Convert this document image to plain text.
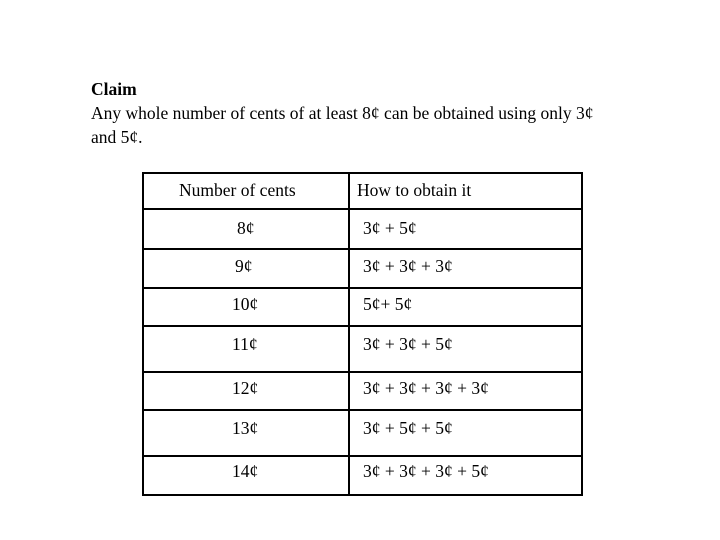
Claim
Any whole number of cents of at least 8¢ can be obtained using only 3¢ and 5¢.
Number of cents	How to obtain it
8¢	3¢ + 5¢
9¢	3¢ + 3¢ + 3¢
10¢	5¢+ 5¢
11¢	3¢ + 3¢ + 5¢
12¢	3¢ + 3¢ + 3¢ + 3¢
13¢	3¢ + 5¢ + 5¢
14¢	3¢ + 3¢ + 3¢ + 5¢
